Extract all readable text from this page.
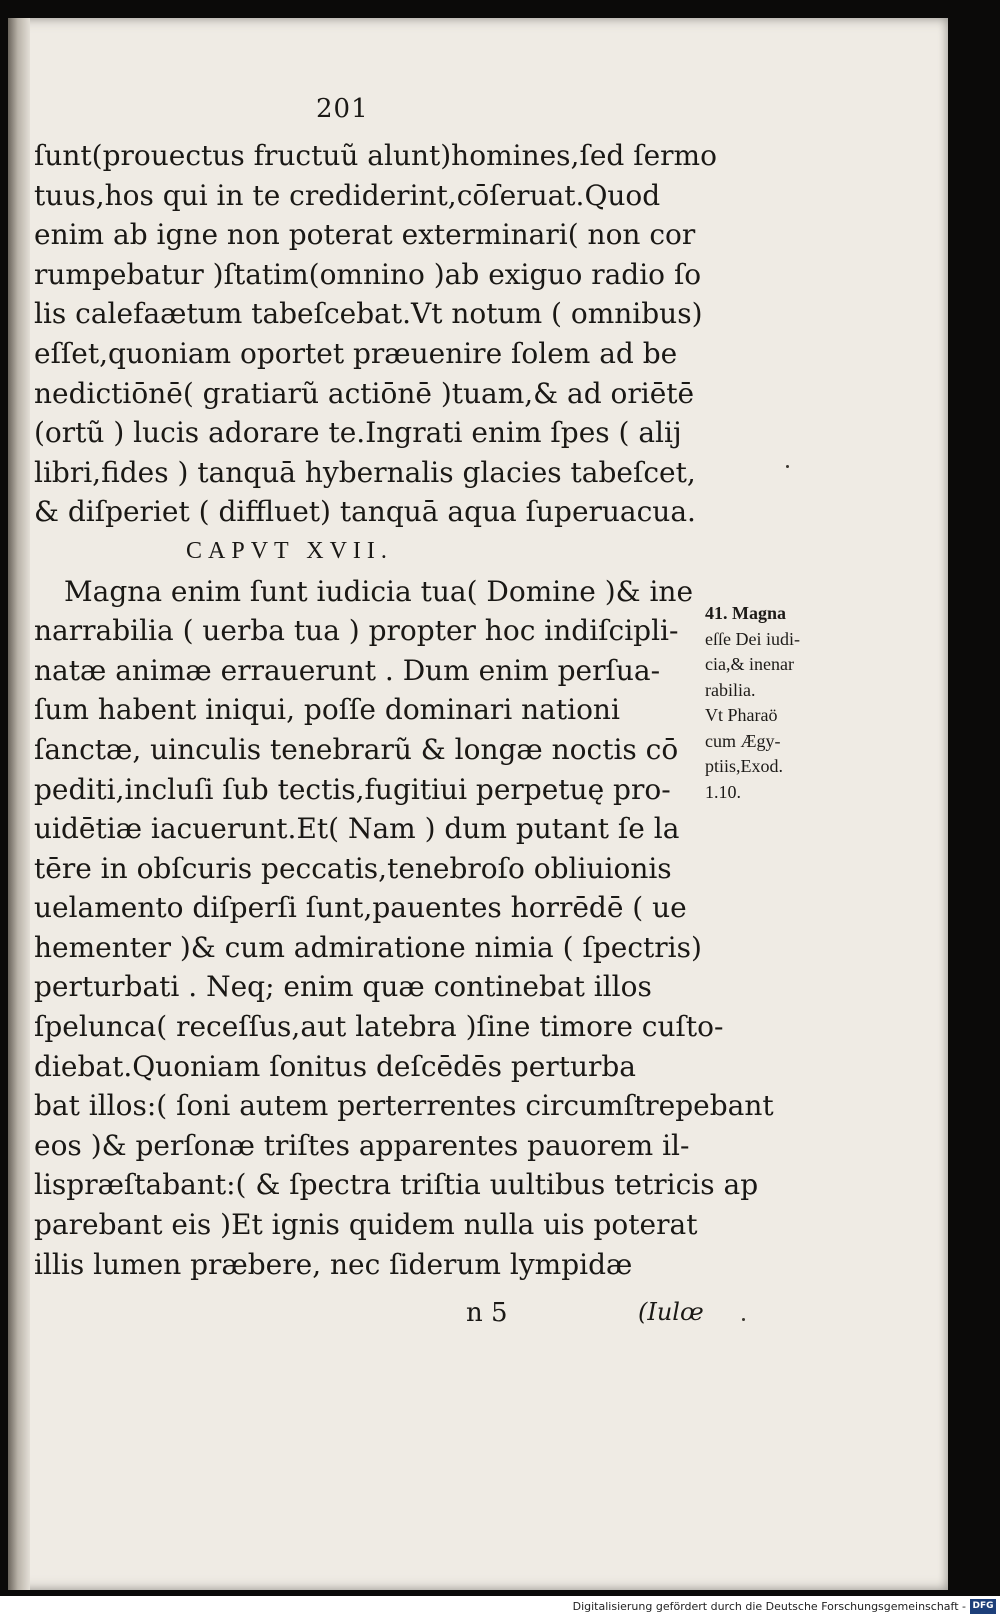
201
ſunt(prouectus fructuũ alunt)homines,ſed ſermo
tuus,hos qui in te crediderint,cōſeruat.Quod
enim ab igne non poterat exterminari( non cor
rumpebatur )ſtatim(omnino )ab exiguo radio ſo
lis calefaætum tabeſcebat.Vt notum ( omnibus)
eſſet,quoniam oportet præuenire ſolem ad be
nedictiōnē( gratiarũ actiōnē )tuam,& ad oriētē
(ortũ ) lucis adorare te.Ingrati enim ſpes ( alij
libri,fides ) tanquā hybernalis glacies tabeſcet,
& diſperiet ( diffluet) tanquā aqua ſuperuacua.
CAPVT XVII.
Magna enim ſunt iudicia tua( Domine )& ine
narrabilia ( uerba tua ) propter hoc indiſcipli-
natæ animæ errauerunt . Dum enim perſua-
ſum habent iniqui, poſſe dominari nationi
ſanctæ, uinculis tenebrarũ & longæ noctis cō
pediti,incluſi ſub tectis,fugitiui perpetuę pro-
uidētiæ iacuerunt.Et( Nam ) dum putant ſe la
tēre in obſcuris peccatis,tenebroſo obliuionis
uelamento diſperſi ſunt,pauentes horrēdē ( ue
hementer )& cum admiratione nimia ( ſpectris)
perturbati . Neq; enim quæ continebat illos
ſpelunca( receſſus,aut latebra )ſine timore cuſto-
diebat.Quoniam ſonitus deſcēdēs perturba
bat illos:( ſoni autem perterrentes circumſtrepebant
eos )& perſonæ triſtes apparentes pauorem il-
lispræſtabant:( & ſpectra triſtia uultibus tetricis ap
parebant eis )Et ignis quidem nulla uis poterat
illis lumen præbere, nec ſiderum lympidæ
41. Magna
eſſe Dei iudi-
cia,& inenar
rabilia.
Vt Pharaö
cum Ægy-
ptiis,Exod.
1.10.
n 5	(Iulœ
Digitalisierung gefördert durch die Deutsche Forschungsgemeinschaft - DFG
